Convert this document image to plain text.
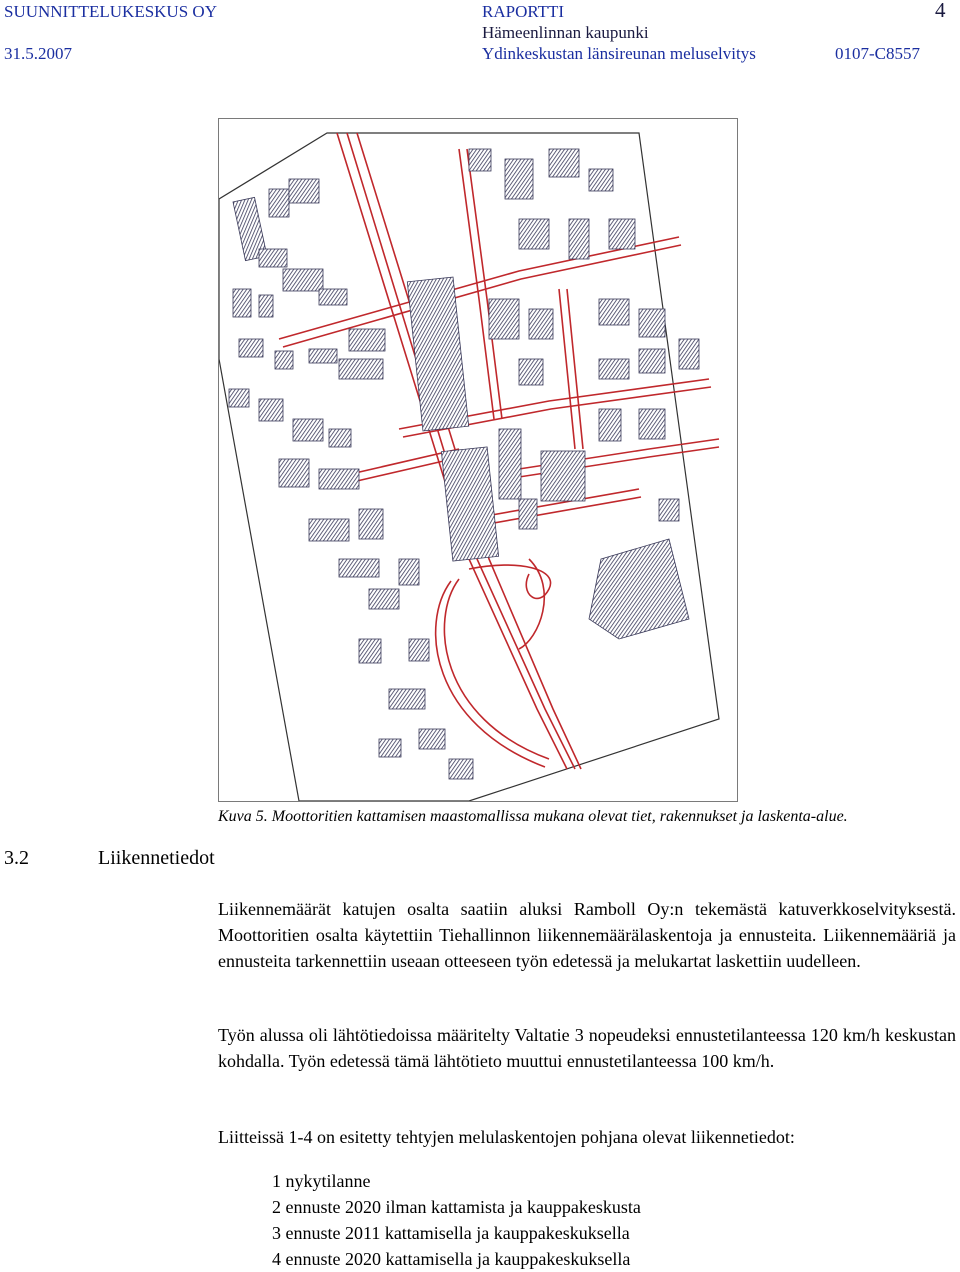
SUUNNITTELUKESKUS OY
31.5.2007
RAPORTTI
Hämeenlinnan kaupunki
Ydinkeskustan länsireunan meluselvitys	0107-C8557
4
Kuva 5. Moottoritien kattamisen maastomallissa mukana olevat tiet, rakennukset ja laskenta-alue.
3.2	Liikennetiedot

Liikennemäärät katujen osalta saatiin aluksi Ramboll Oy:n tekemästä katuverkkoselvityksestä. Moottoritien osalta käytettiin Tiehallinnon liikennemäärälaskentoja ja ennusteita. Liikennemääriä ja ennusteita tarkennettiin useaan otteeseen työn edetessä ja melukartat laskettiin uudelleen.

Työn alussa oli lähtötiedoissa määritelty Valtatie 3 nopeudeksi ennustetilanteessa 120 km/h keskustan kohdalla. Työn edetessä tämä lähtötieto muuttui ennustetilanteessa 100 km/h.

Liitteissä 1-4 on esitetty tehtyjen melulaskentojen pohjana olevat liikennetiedot:

1 nykytilanne
2 ennuste 2020 ilman kattamista ja kauppakeskusta
3 ennuste 2011 kattamisella ja kauppakeskuksella
4 ennuste 2020 kattamisella ja kauppakeskuksella
